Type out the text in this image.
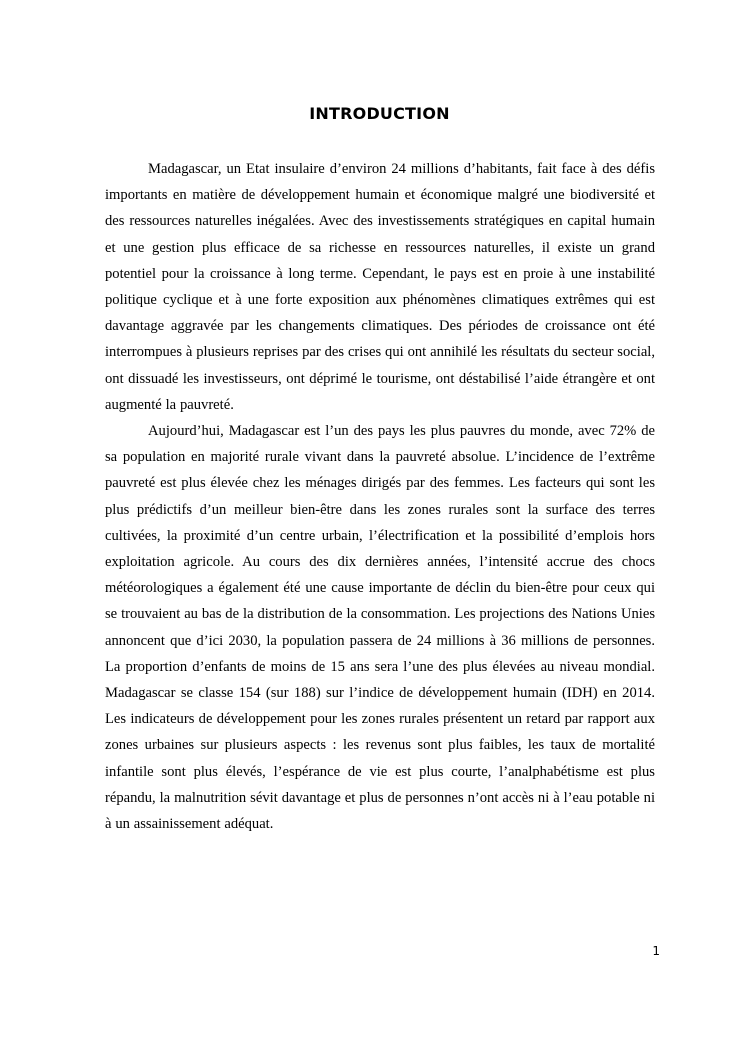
INTRODUCTION

Madagascar, un Etat insulaire d’environ 24 millions d’habitants, fait face à des défis importants en matière de développement humain et économique malgré une biodiversité et des ressources naturelles inégalées. Avec des investissements stratégiques en capital humain et une gestion plus efficace de sa richesse en ressources naturelles, il existe un grand potentiel pour la croissance à long terme. Cependant, le pays est en proie à une instabilité politique cyclique et à une forte exposition aux phénomènes climatiques extrêmes qui est davantage aggravée par les changements climatiques. Des périodes de croissance ont été interrompues à plusieurs reprises par des crises qui ont annihilé les résultats du secteur social, ont dissuadé les investisseurs, ont déprimé le tourisme, ont déstabilisé l’aide étrangère et ont augmenté la pauvreté.

Aujourd’hui, Madagascar est l’un des pays les plus pauvres du monde, avec 72% de sa population en majorité rurale vivant dans la pauvreté absolue. L’incidence de l’extrême pauvreté est plus élevée chez les ménages dirigés par des femmes. Les facteurs qui sont les plus prédictifs d’un meilleur bien-être dans les zones rurales sont la surface des terres cultivées, la proximité d’un centre urbain, l’électrification et la possibilité d’emplois hors exploitation agricole. Au cours des dix dernières années, l’intensité accrue des chocs météorologiques a également été une cause importante de déclin du bien-être pour ceux qui se trouvaient au bas de la distribution de la consommation. Les projections des Nations Unies annoncent que d’ici 2030, la population passera de 24 millions à 36 millions de personnes. La proportion d’enfants de moins de 15 ans sera l’une des plus élevées au niveau mondial. Madagascar se classe 154 (sur 188) sur l’indice de développement humain (IDH) en 2014. Les indicateurs de développement pour les zones rurales présentent un retard par rapport aux zones urbaines sur plusieurs aspects : les revenus sont plus faibles, les taux de mortalité infantile sont plus élevés, l’espérance de vie est plus courte, l’analphabétisme est plus répandu, la malnutrition sévit davantage et plus de personnes n’ont accès ni à l’eau potable ni à un assainissement adéquat.

1
